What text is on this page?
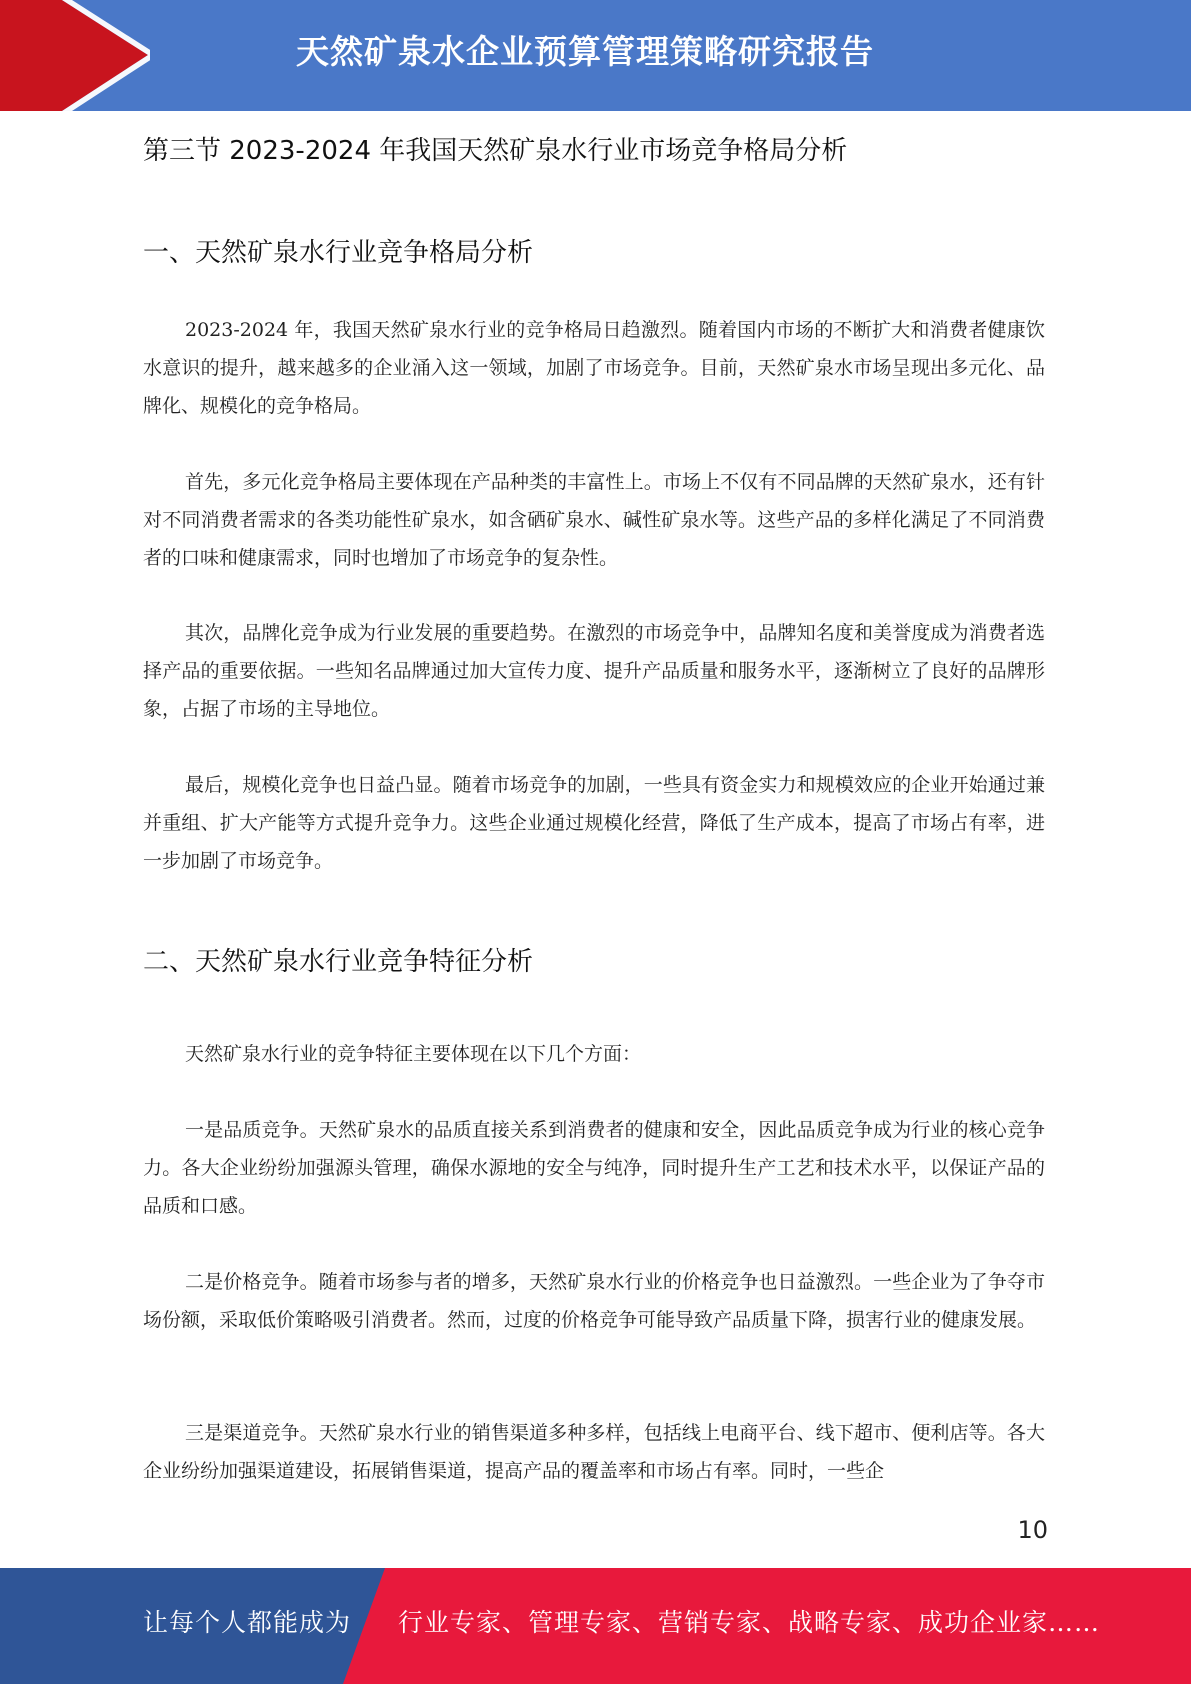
天然矿泉水企业预算管理策略研究报告
第三节 2023-2024 年我国天然矿泉水行业市场竞争格局分析
一、天然矿泉水行业竞争格局分析

2023-2024 年，我国天然矿泉水行业的竞争格局日趋激烈。随着国内市场的不断扩大和消费者健康饮水意识的提升，越来越多的企业涌入这一领域，加剧了市场竞争。目前，天然矿泉水市场呈现出多元化、品牌化、规模化的竞争格局。

首先，多元化竞争格局主要体现在产品种类的丰富性上。市场上不仅有不同品牌的天然矿泉水，还有针对不同消费者需求的各类功能性矿泉水，如含硒矿泉水、碱性矿泉水等。这些产品的多样化满足了不同消费者的口味和健康需求，同时也增加了市场竞争的复杂性。

其次，品牌化竞争成为行业发展的重要趋势。在激烈的市场竞争中，品牌知名度和美誉度成为消费者选择产品的重要依据。一些知名品牌通过加大宣传力度、提升产品质量和服务水平，逐渐树立了良好的品牌形象，占据了市场的主导地位。

最后，规模化竞争也日益凸显。随着市场竞争的加剧，一些具有资金实力和规模效应的企业开始通过兼并重组、扩大产能等方式提升竞争力。这些企业通过规模化经营，降低了生产成本，提高了市场占有率，进一步加剧了市场竞争。

二、天然矿泉水行业竞争特征分析

天然矿泉水行业的竞争特征主要体现在以下几个方面：

一是品质竞争。天然矿泉水的品质直接关系到消费者的健康和安全，因此品质竞争成为行业的核心竞争力。各大企业纷纷加强源头管理，确保水源地的安全与纯净，同时提升生产工艺和技术水平，以保证产品的品质和口感。

二是价格竞争。随着市场参与者的增多，天然矿泉水行业的价格竞争也日益激烈。一些企业为了争夺市场份额，采取低价策略吸引消费者。然而，过度的价格竞争可能导致产品质量下降，损害行业的健康发展。

三是渠道竞争。天然矿泉水行业的销售渠道多种多样，包括线上电商平台、线下超市、便利店等。各大企业纷纷加强渠道建设，拓展销售渠道，提高产品的覆盖率和市场占有率。同时，一些企

10
让每个人都能成为 行业专家、管理专家、营销专家、战略专家、成功企业家……
